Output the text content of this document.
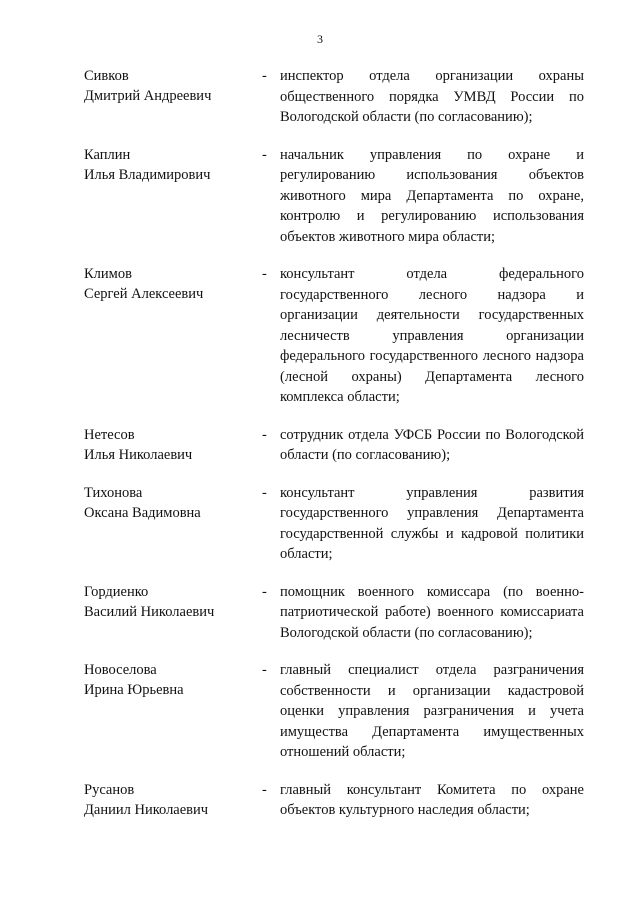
3
Сивков
Дмитрий Андреевич
- инспектор отдела организации охраны общественного порядка УМВД России по Вологодской области (по согласованию);
Каплин
Илья Владимирович
- начальник управления по охране и регулированию использования объектов животного мира Департамента по охране, контролю и регулированию использования объектов животного мира области;
Климов
Сергей Алексеевич
- консультант отдела федерального государственного лесного надзора и организации деятельности государственных лесничеств управления организации федерального государственного лесного надзора (лесной охраны) Департамента лесного комплекса области;
Нетесов
Илья Николаевич
- сотрудник отдела УФСБ России по Вологодской области (по согласованию);
Тихонова
Оксана Вадимовна
- консультант управления развития государственного управления Департамента государственной службы и кадровой политики области;
Гордиенко
Василий Николаевич
- помощник военного комиссара (по военно-патриотической работе) военного комиссариата Вологодской области (по согласованию);
Новоселова
Ирина Юрьевна
- главный специалист отдела разграничения собственности и организации кадастровой оценки управления разграничения и учета имущества Департамента имущественных отношений области;
Русанов
Даниил Николаевич
- главный консультант Комитета по охране объектов культурного наследия области;
